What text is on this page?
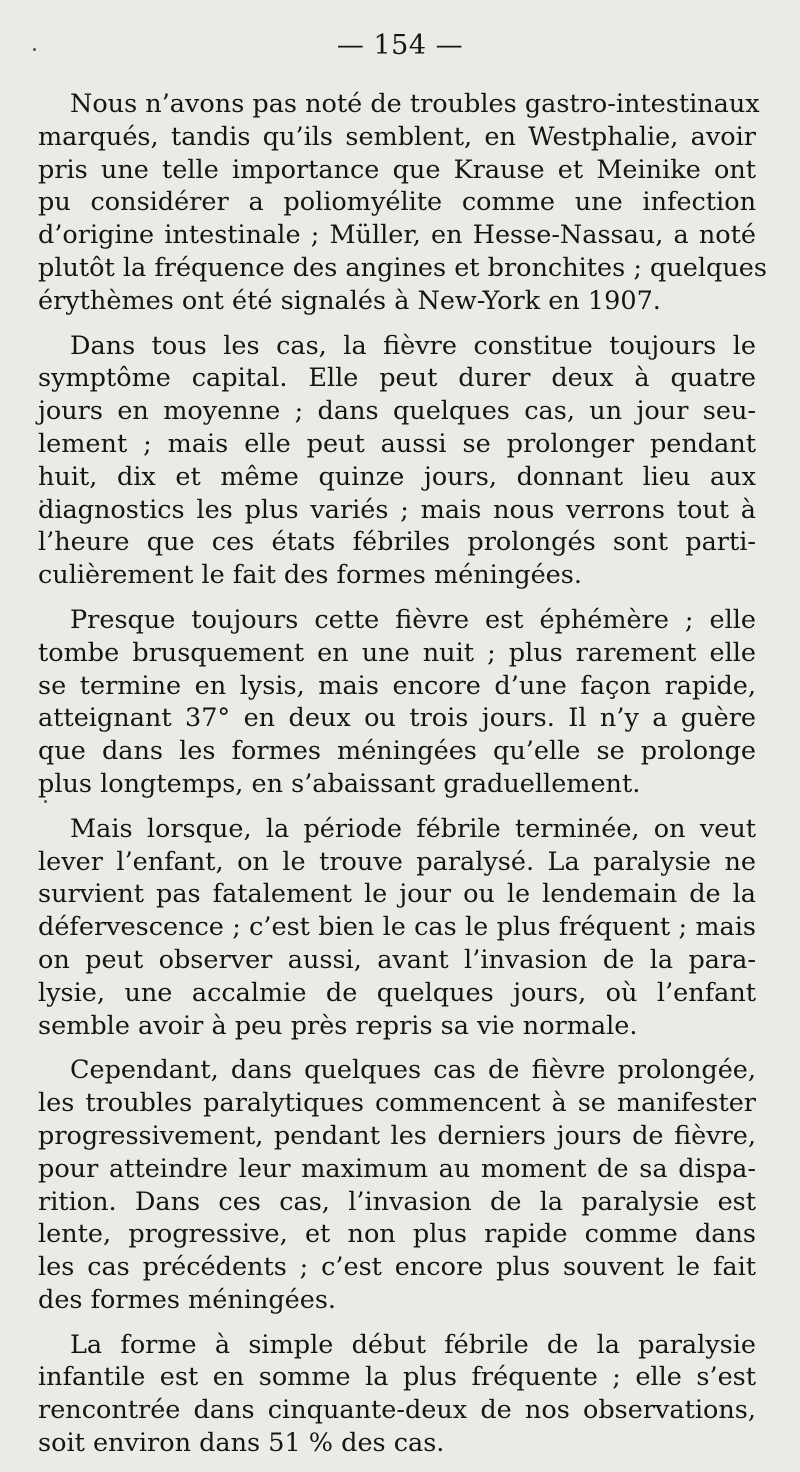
— 154 —

Nous n’avons pas noté de troubles gastro-intestinaux
marqués, tandis qu’ils semblent, en Westphalie, avoir
pris une telle importance que Krause et Meinike ont
pu considérer a poliomyélite comme une infection
d’origine intestinale ; Müller, en Hesse-Nassau, a noté
plutôt la fréquence des angines et bronchites ; quelques
érythèmes ont été signalés à New-York en 1907.

Dans tous les cas, la fièvre constitue toujours le
symptôme capital. Elle peut durer deux à quatre
jours en moyenne ; dans quelques cas, un jour seu-
lement ; mais elle peut aussi se prolonger pendant
huit, dix et même quinze jours, donnant lieu aux
diagnostics les plus variés ; mais nous verrons tout à
l’heure que ces états fébriles prolongés sont parti-
culièrement le fait des formes méningées.

Presque toujours cette fièvre est éphémère ; elle
tombe brusquement en une nuit ; plus rarement elle
se termine en lysis, mais encore d’une façon rapide,
atteignant 37° en deux ou trois jours. Il n’y a guère
que dans les formes méningées qu’elle se prolonge
plus longtemps, en s’abaissant graduellement.

Mais lorsque, la période fébrile terminée, on veut
lever l’enfant, on le trouve paralysé. La paralysie ne
survient pas fatalement le jour ou le lendemain de la
défervescence ; c’est bien le cas le plus fréquent ; mais
on peut observer aussi, avant l’invasion de la para-
lysie, une accalmie de quelques jours, où l’enfant
semble avoir à peu près repris sa vie normale.

Cependant, dans quelques cas de fièvre prolongée,
les troubles paralytiques commencent à se manifester
progressivement, pendant les derniers jours de fièvre,
pour atteindre leur maximum au moment de sa dispa-
rition. Dans ces cas, l’invasion de la paralysie est
lente, progressive, et non plus rapide comme dans
les cas précédents ; c’est encore plus souvent le fait
des formes méningées.

La forme à simple début fébrile de la paralysie
infantile est en somme la plus fréquente ; elle s’est
rencontrée dans cinquante-deux de nos observations,
soit environ dans 51 % des cas.
